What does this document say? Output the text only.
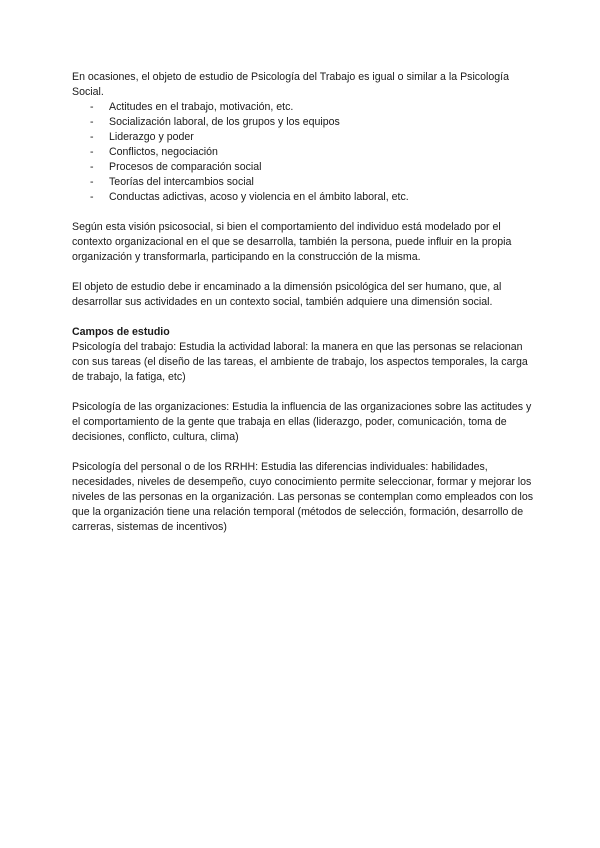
En ocasiones, el objeto de estudio de Psicología del Trabajo es igual o similar a la Psicología Social.

- Actitudes en el trabajo, motivación, etc.
- Socialización laboral, de los grupos y los equipos
- Liderazgo y poder
- Conflictos, negociación
- Procesos de comparación social
- Teorías del intercambios social
- Conductas adictivas, acoso y violencia en el ámbito laboral, etc.

Según esta visión psicosocial, si bien el comportamiento del individuo está modelado por el contexto organizacional en el que se desarrolla, también la persona, puede influir en la propia organización y transformarla, participando en la construcción de la misma.

El objeto de estudio debe ir encaminado a la dimensión psicológica del ser humano, que, al desarrollar sus actividades en un contexto social, también adquiere una dimensión social.

Campos de estudio

Psicología del trabajo: Estudia la actividad laboral: la manera en que las personas se relacionan con sus tareas (el diseño de las tareas, el ambiente de trabajo, los aspectos temporales, la carga de trabajo, la fatiga, etc)

Psicología de las organizaciones: Estudia la influencia de las organizaciones sobre las actitudes y el comportamiento de la gente que trabaja en ellas (liderazgo, poder, comunicación, toma de decisiones, conflicto, cultura, clima)

Psicología del personal o de los RRHH: Estudia las diferencias individuales: habilidades, necesidades, niveles de desempeño, cuyo conocimiento permite seleccionar, formar y mejorar los niveles de las personas en la organización. Las personas se contemplan como empleados con los que la organización tiene una relación temporal (métodos de selección, formación, desarrollo de carreras, sistemas de incentivos)
